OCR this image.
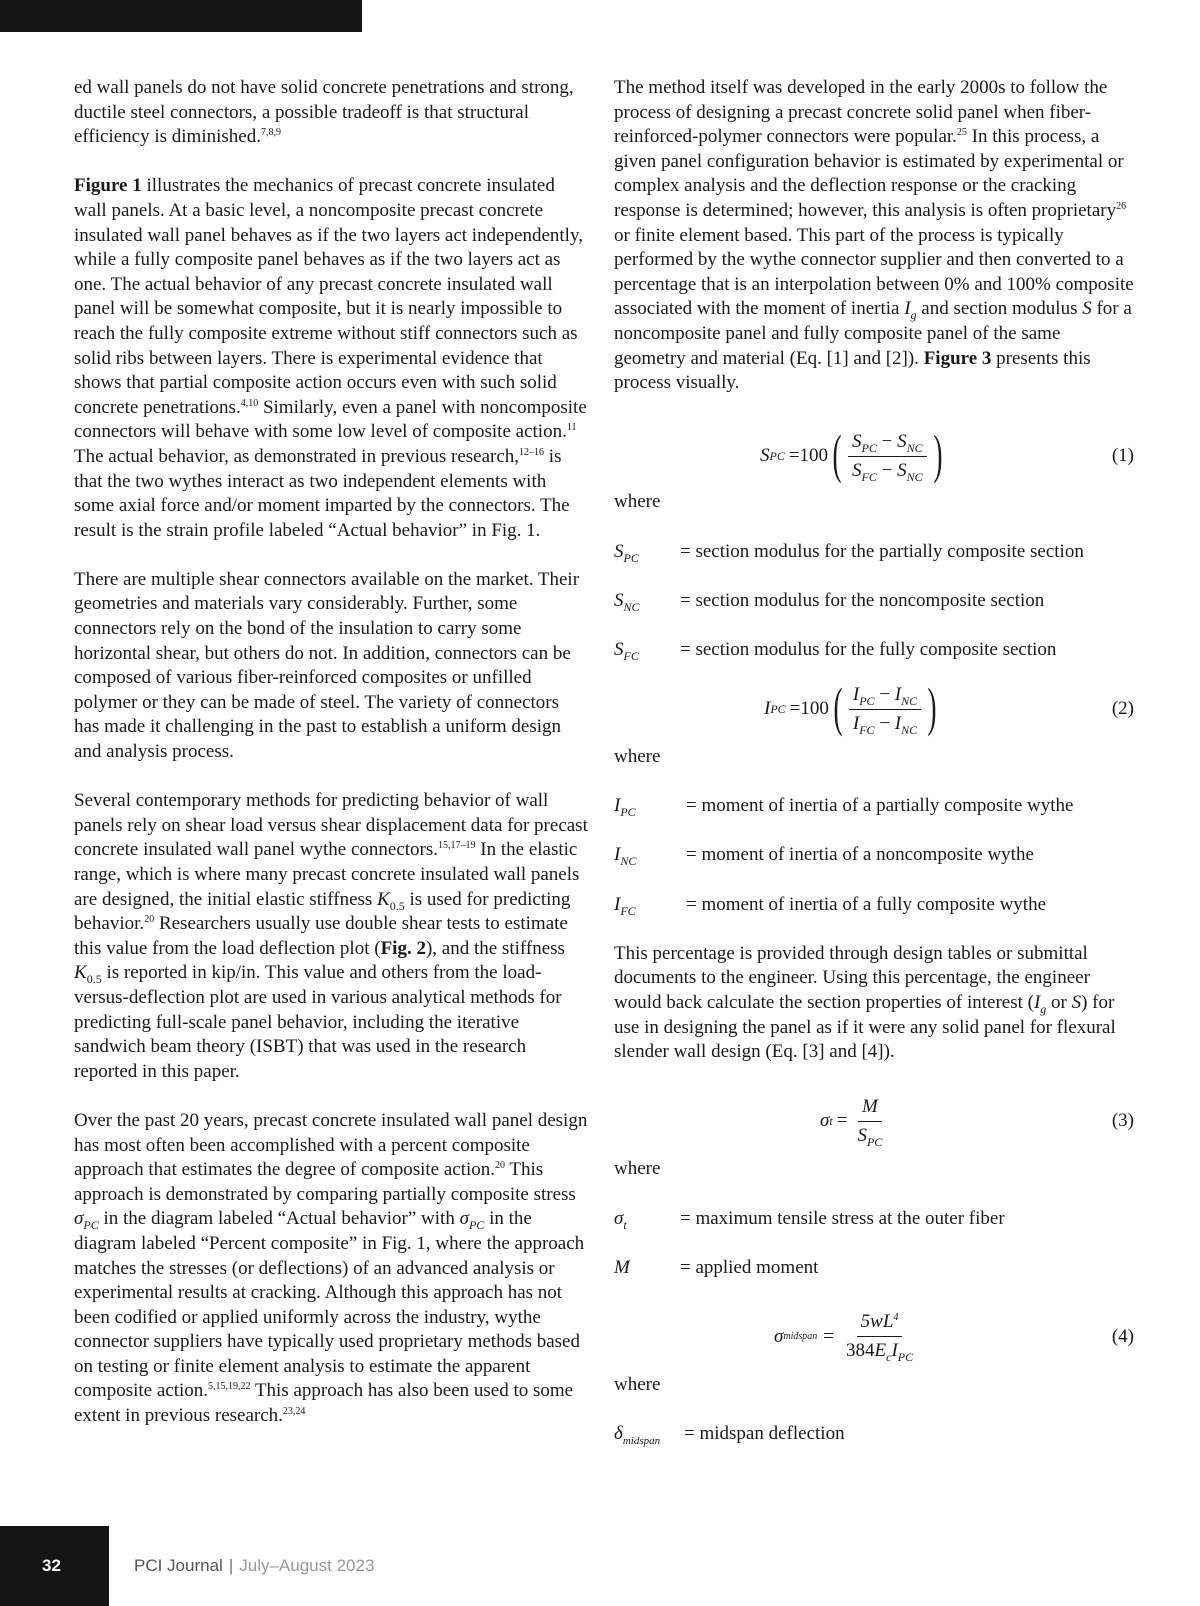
ed wall panels do not have solid concrete penetrations and strong, ductile steel connectors, a possible tradeoff is that structural efficiency is diminished.$^{7,8,9}$

Figure 1 illustrates the mechanics of precast concrete insulated wall panels. At a basic level, a noncomposite precast concrete insulated wall panel behaves as if the two layers act independently, while a fully composite panel behaves as if the two layers act as one. The actual behavior of any precast concrete insulated wall panel will be somewhat composite, but it is nearly impossible to reach the fully composite extreme without stiff connectors such as solid ribs between layers. There is experimental evidence that shows that partial composite action occurs even with such solid concrete penetrations.$^{4,10}$ Similarly, even a panel with noncomposite connectors will behave with some low level of composite action.$^{11}$ The actual behavior, as demonstrated in previous research,$^{12-16}$ is that the two wythes interact as two independent elements with some axial force and/or moment imparted by the connectors. The result is the strain profile labeled “Actual behavior” in Fig. 1.

There are multiple shear connectors available on the market. Their geometries and materials vary considerably. Further, some connectors rely on the bond of the insulation to carry some horizontal shear, but others do not. In addition, connectors can be composed of various fiber-reinforced composites or unfilled polymer or they can be made of steel. The variety of connectors has made it challenging in the past to establish a uniform design and analysis process.

Several contemporary methods for predicting behavior of wall panels rely on shear load versus shear displacement data for precast concrete insulated wall panel wythe connectors.$^{15,17-19}$ In the elastic range, which is where many precast concrete insulated wall panels are designed, the initial elastic stiffness $K_{0.5}$ is used for predicting behavior.$^{20}$ Researchers usually use double shear tests to estimate this value from the load deflection plot (Fig. 2), and the stiffness $K_{0.5}$ is reported in kip/in. This value and others from the load-versus-deflection plot are used in various analytical methods for predicting full-scale panel behavior, including the iterative sandwich beam theory (ISBT) that was used in the research reported in this paper.

Over the past 20 years, precast concrete insulated wall panel design has most often been accomplished with a percent composite approach that estimates the degree of composite action.$^{20}$ This approach is demonstrated by comparing partially composite stress $\sigma_{PC}$ in the diagram labeled “Actual behavior” with $\sigma_{PC}$ in the diagram labeled “Percent composite” in Fig. 1, where the approach matches the stresses (or deflections) of an advanced analysis or experimental results at cracking. Although this approach has not been codified or applied uniformly across the industry, wythe connector suppliers have typically used proprietary methods based on testing or finite element analysis to estimate the apparent composite action.$^{5,15,19,22}$ This approach has also been used to some extent in previous research.$^{23,24}$

The method itself was developed in the early 2000s to follow the process of designing a precast concrete solid panel when fiber-reinforced-polymer connectors were popular.$^{25}$ In this process, a given panel configuration behavior is estimated by experimental or complex analysis and the deflection response or the cracking response is determined; however, this analysis is often proprietary$^{26}$ or finite element based. This part of the process is typically performed by the wythe connector supplier and then converted to a percentage that is an interpolation between 0% and 100% composite associated with the moment of inertia $I_g$ and section modulus S for a noncomposite panel and fully composite panel of the same geometry and material (Eq. [1] and [2]). Figure 3 presents this process visually.

S PC =100 ( $\frac{S_{PC} - S_{NC}}{S_{FC} - S_{NC}}$ )	(1)

where

$S_{PC}$	= section modulus for the partially composite section
$S_{NC}$	= section modulus for the noncomposite section
$S_{FC}$	= section modulus for the fully composite section
I PC =100 ( $\frac{I_{PC} - I_{NC}}{I_{FC} - I_{NC}}$ )	(2)

where

$I_{PC}$	= moment of inertia of a partially composite wythe
$I_{NC}$	= moment of inertia of a noncomposite wythe
$I_{FC}$	= moment of inertia of a fully composite wythe

This percentage is provided through design tables or submittal documents to the engineer. Using this percentage, the engineer would back calculate the section properties of interest ($I_g$ or S) for use in designing the panel as if it were any solid panel for flexural slender wall design (Eq. [3] and [4]).

σ $t = \frac{M}{S_{PC}}$	(3)

where

$\sigma_t$	= maximum tensile stress at the outer fiber
M	= applied moment
σ midspan = $\frac{5wL^4}{384E_cI_{PC}}$	(4)

where

$\delta_{midspan}$	= midspan deflection
32	PCI Journal | July–August 2023
